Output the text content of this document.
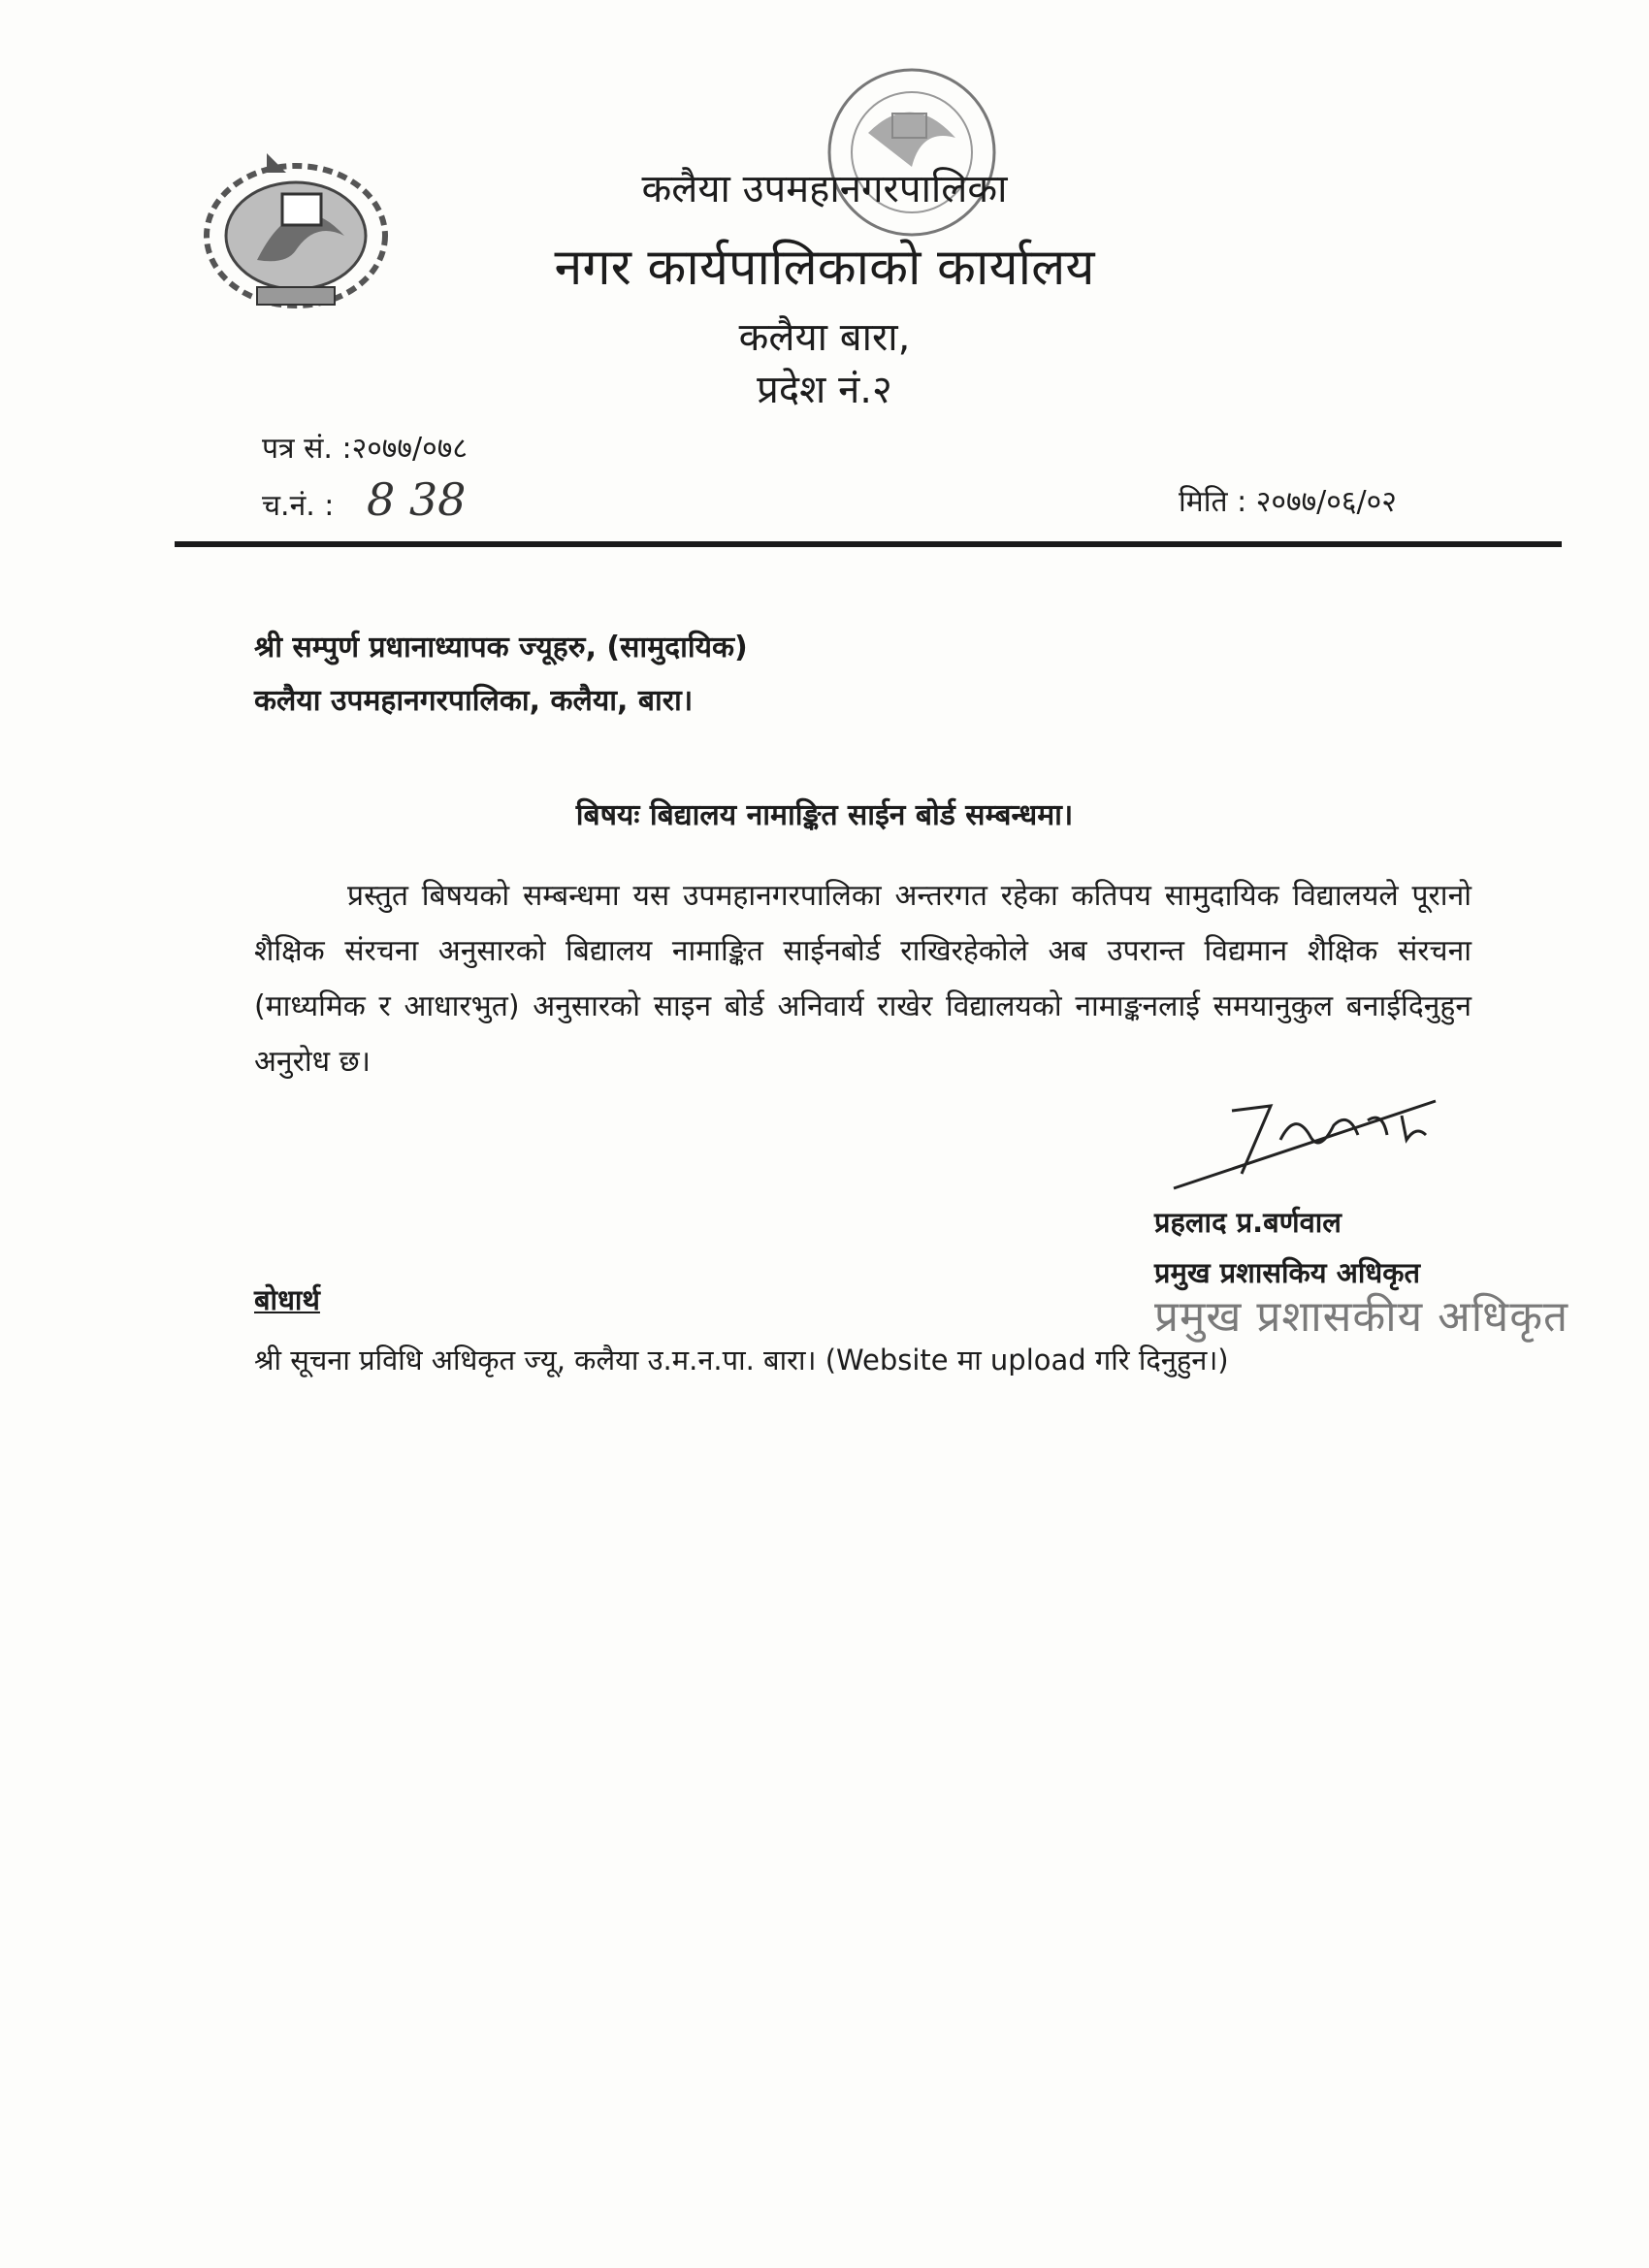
कलैया उपमहानगरपालिका
नगर कार्यपालिकाको कार्यालय
कलैया बारा,
प्रदेश नं.२
पत्र सं. :२०७७/०७८
च.नं. : 8 38	मिति : २०७७/०६/०२
श्री सम्पुर्ण प्रधानाध्यापक ज्यूहरु, (सामुदायिक)
कलैया उपमहानगरपालिका, कलैया, बारा।
बिषयः बिद्यालय नामाङ्कित साईन बोर्ड सम्बन्धमा।
प्रस्तुत बिषयको सम्बन्धमा यस उपमहानगरपालिका अन्तरगत रहेका कतिपय सामुदायिक विद्यालयले पूरानो शैक्षिक संरचना अनुसारको बिद्यालय नामाङ्कित साईनबोर्ड राखिरहेकोले अब उपरान्त विद्यमान शैक्षिक संरचना (माध्यमिक र आधारभुत) अनुसारको साइन बोर्ड अनिवार्य राखेर विद्यालयको नामाङ्कनलाई समयानुकुल बनाईदिनुहुन अनुरोध छ।
प्रहलाद प्र.बर्णवाल
प्रमुख प्रशासकिय अधिकृत
प्रमुख प्रशासकीय अधिकृत
बोधार्थ
श्री सूचना प्रविधि अधिकृत ज्यू, कलैया उ.म.न.पा. बारा। (Website मा upload गरि दिनुहुन।)
